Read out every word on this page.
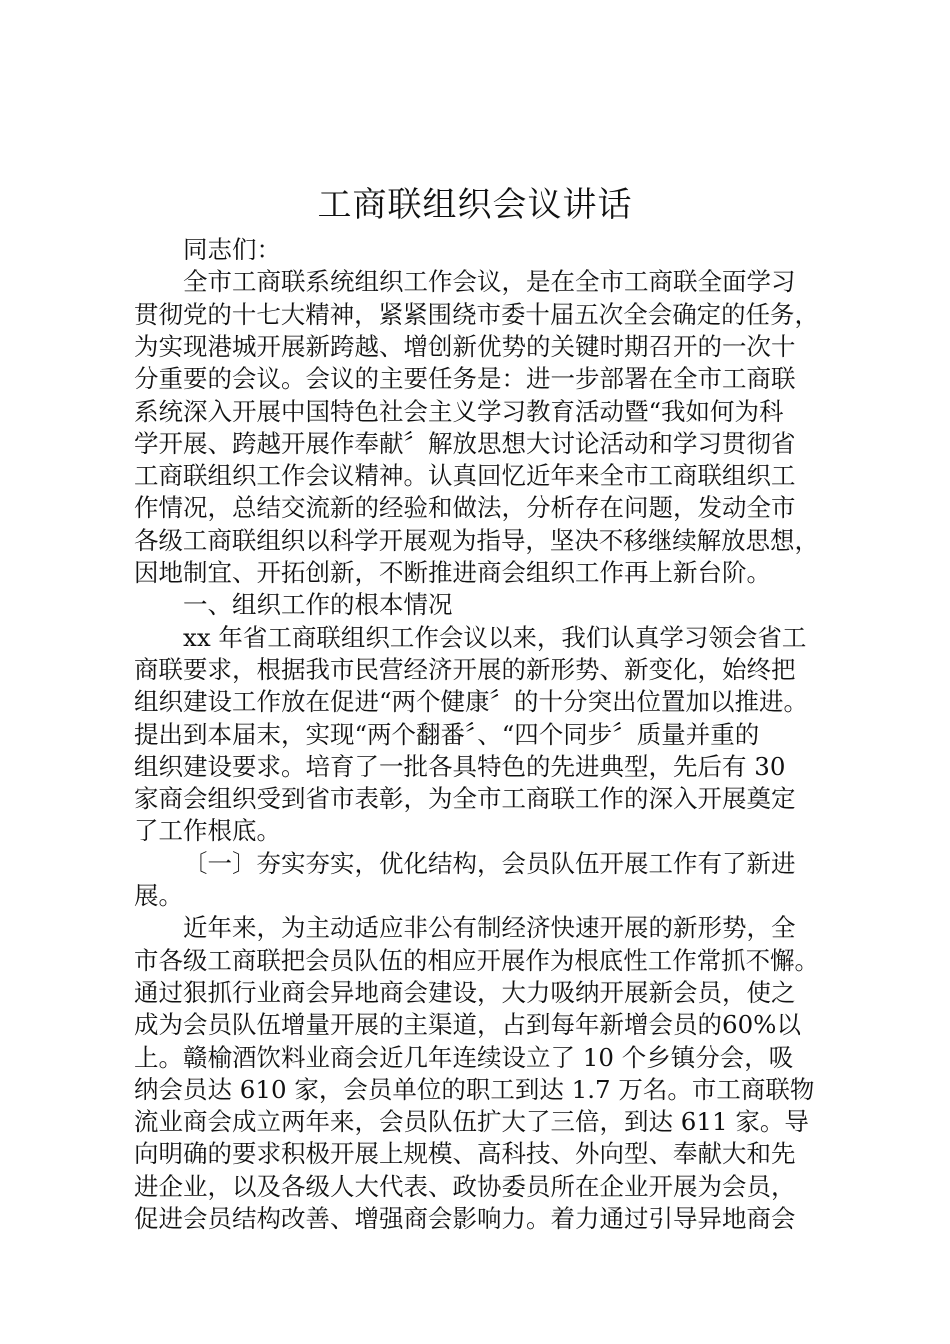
工商联组织会议讲话

同志们：

全市工商联系统组织工作会议，是在全市工商联全面学习

贯彻党的十七大精神，紧紧围绕市委十届五次全会确定的任务，

为实现港城开展新跨越、增创新优势的关键时期召开的一次十

分重要的会议。会议的主要任务是：进一步部署在全市工商联

系统深入开展中国特色社会主义学习教育活动暨“我如何为科

学开展、跨越开展作奉献〞解放思想大讨论活动和学习贯彻省

工商联组织工作会议精神。认真回忆近年来全市工商联组织工

作情况，总结交流新的经验和做法，分析存在问题，发动全市

各级工商联组织以科学开展观为指导，坚决不移继续解放思想，

因地制宜、开拓创新，不断推进商会组织工作再上新台阶。

一、组织工作的根本情况

xx 年省工商联组织工作会议以来，我们认真学习领会省工

商联要求，根据我市民营经济开展的新形势、新变化，始终把

组织建设工作放在促进“两个健康〞的十分突出位置加以推进。

提出到本届末，实现“两个翻番〞、“四个同步〞质量并重的

组织建设要求。培育了一批各具特色的先进典型，先后有 30

家商会组织受到省市表彰，为全市工商联工作的深入开展奠定

了工作根底。

〔一〕夯实夯实，优化结构，会员队伍开展工作有了新进

展。

近年来，为主动适应非公有制经济快速开展的新形势，全

市各级工商联把会员队伍的相应开展作为根底性工作常抓不懈。

通过狠抓行业商会异地商会建设，大力吸纳开展新会员，使之

成为会员队伍增量开展的主渠道，占到每年新增会员的60%以

上。赣榆酒饮料业商会近几年连续设立了 10 个乡镇分会，吸

纳会员达 610 家，会员单位的职工到达 1.7 万名。市工商联物

流业商会成立两年来，会员队伍扩大了三倍，到达 611 家。导

向明确的要求积极开展上规模、高科技、外向型、奉献大和先

进企业，以及各级人大代表、政协委员所在企业开展为会员，

促进会员结构改善、增强商会影响力。着力通过引导异地商会
